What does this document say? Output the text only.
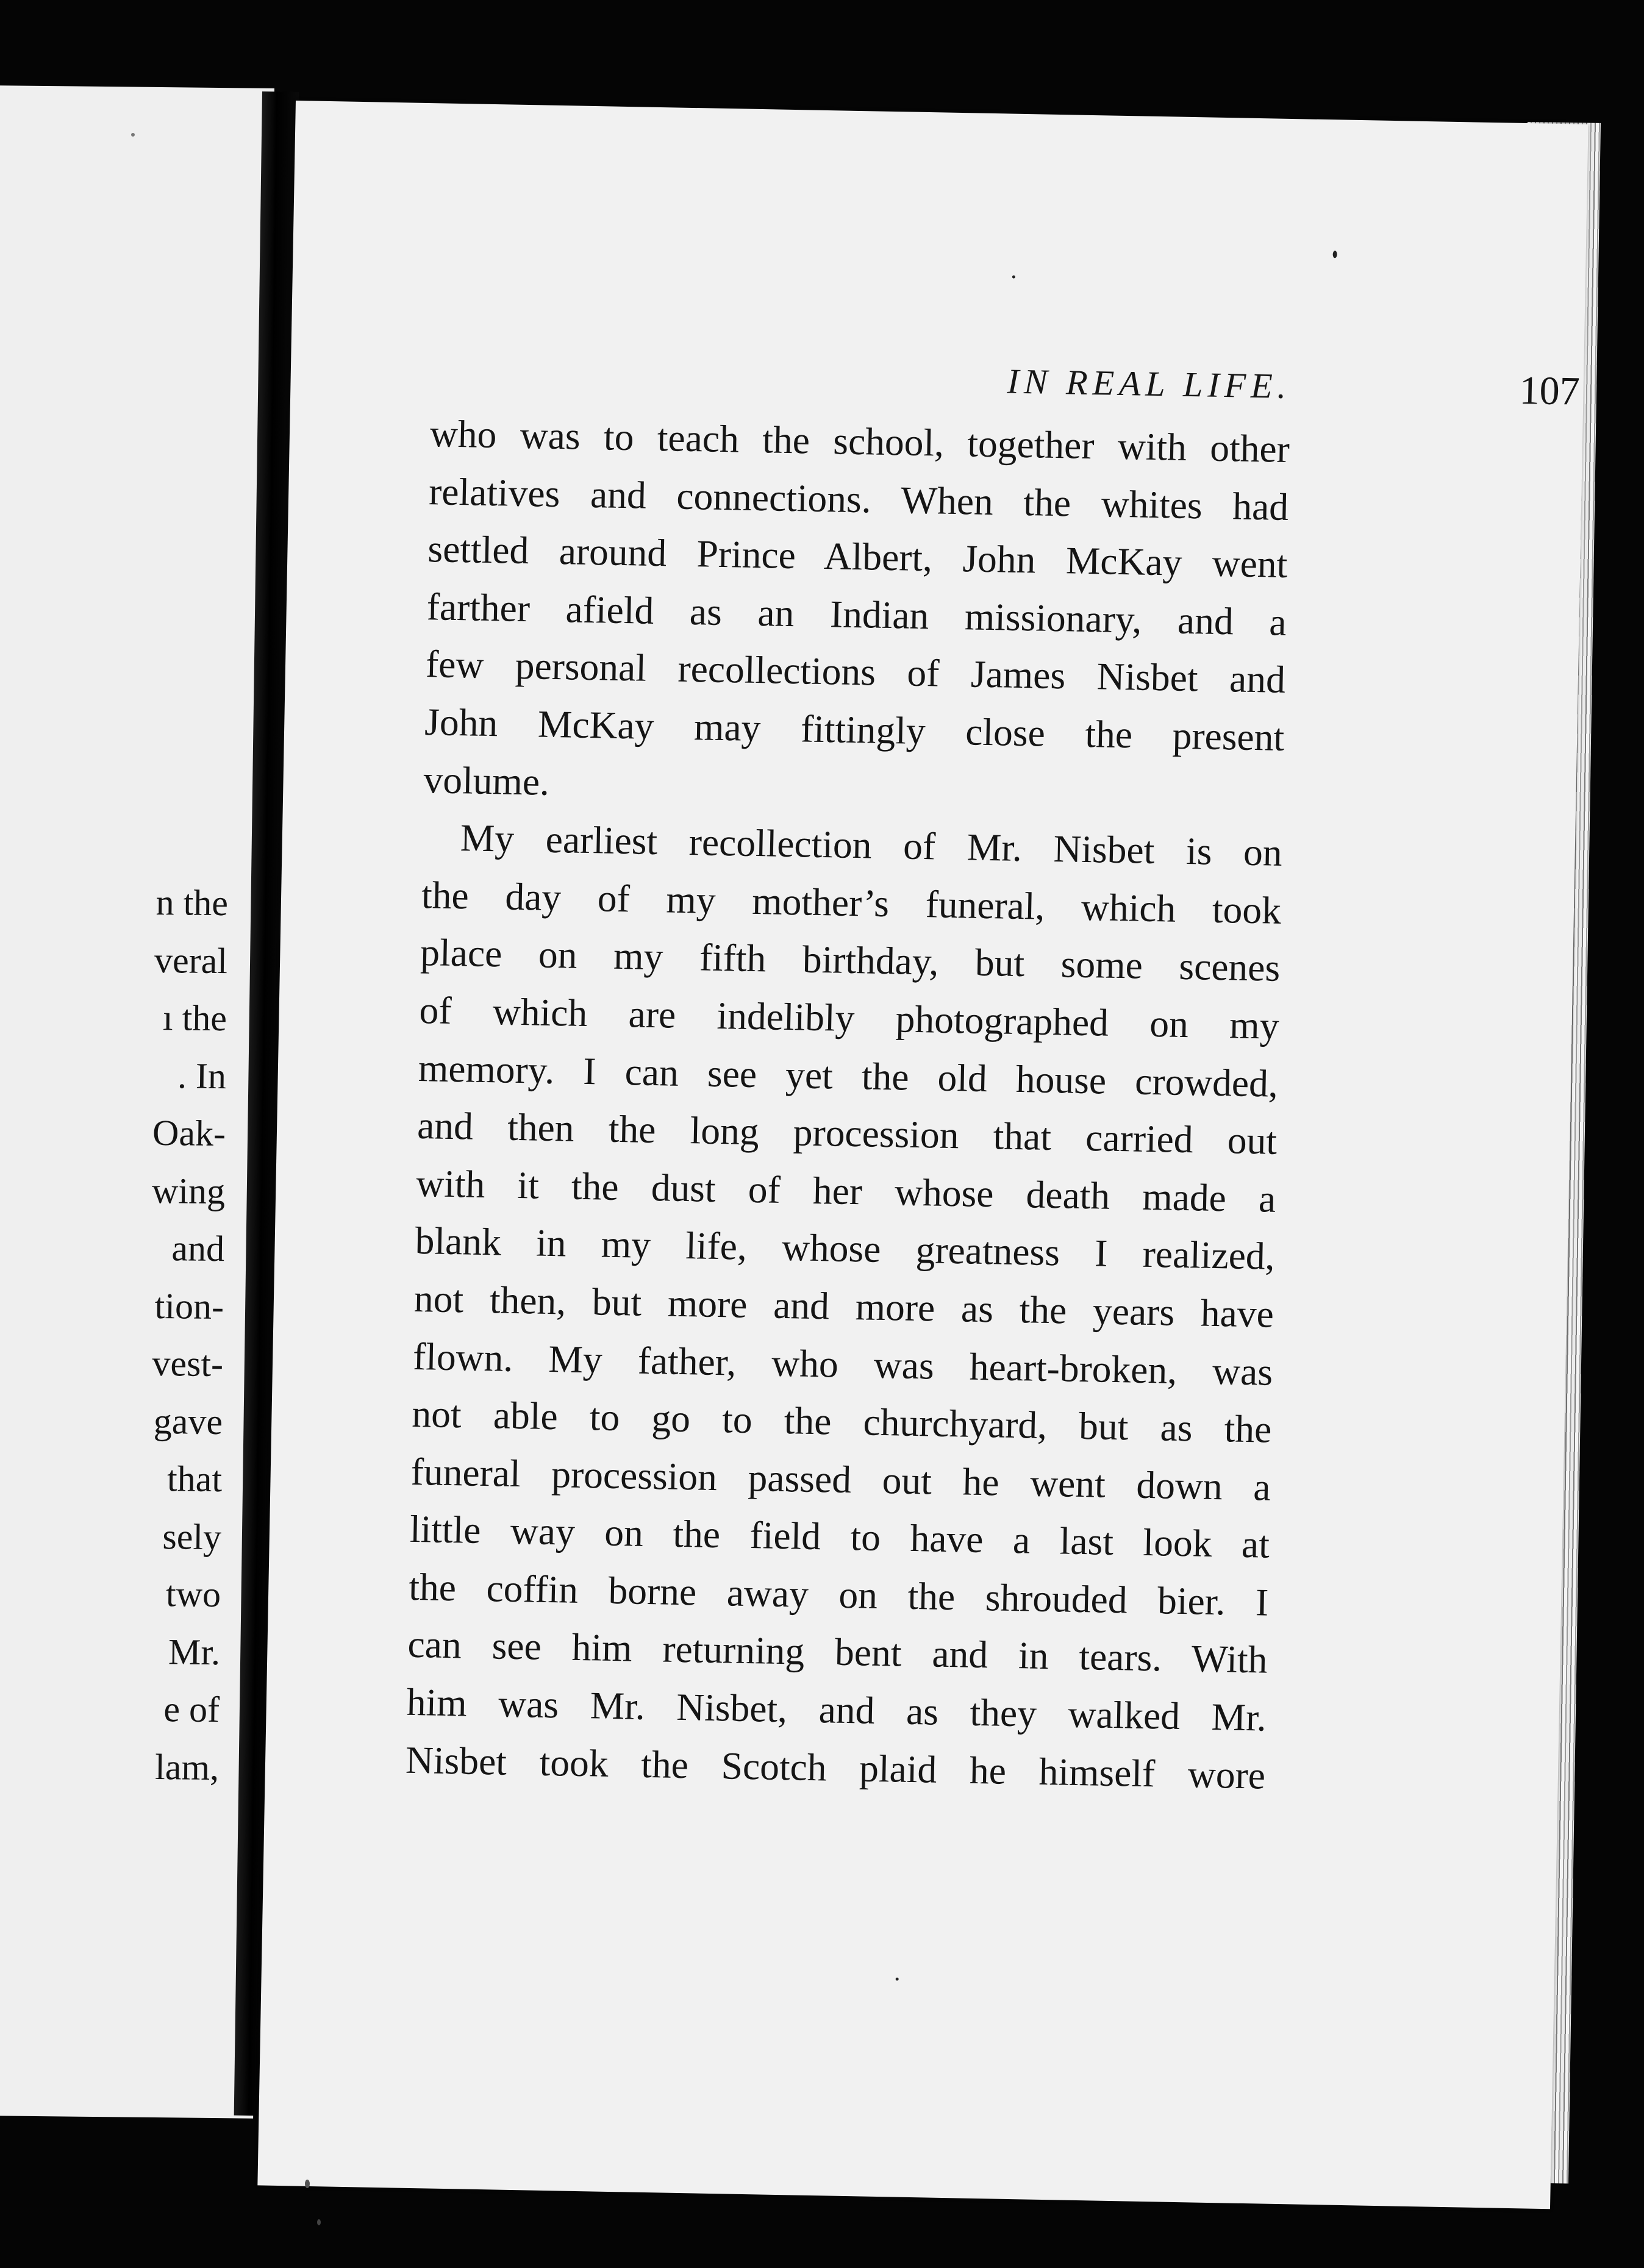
n the
veral
ı the
. In
Oak-
wing
and
tion-
vest-
gave
that
sely
two
Mr.
e of
lam,
IN REAL LIFE.	107
who was to teach the school, together with other
relatives and connections. When the whites had
settled around Prince Albert, John McKay went
farther afield as an Indian missionary, and a
few personal recollections of James Nisbet and
John McKay may fittingly close the present
volume.
My earliest recollection of Mr. Nisbet is on
the day of my mother’s funeral, which took
place on my fifth birthday, but some scenes
of which are indelibly photographed on my
memory. I can see yet the old house crowded,
and then the long procession that carried out
with it the dust of her whose death made a
blank in my life, whose greatness I realized,
not then, but more and more as the years have
flown. My father, who was heart-broken, was
not able to go to the churchyard, but as the
funeral procession passed out he went down a
little way on the field to have a last look at
the coffin borne away on the shrouded bier. I
can see him returning bent and in tears. With
him was Mr. Nisbet, and as they walked Mr.
Nisbet took the Scotch plaid he himself wore
